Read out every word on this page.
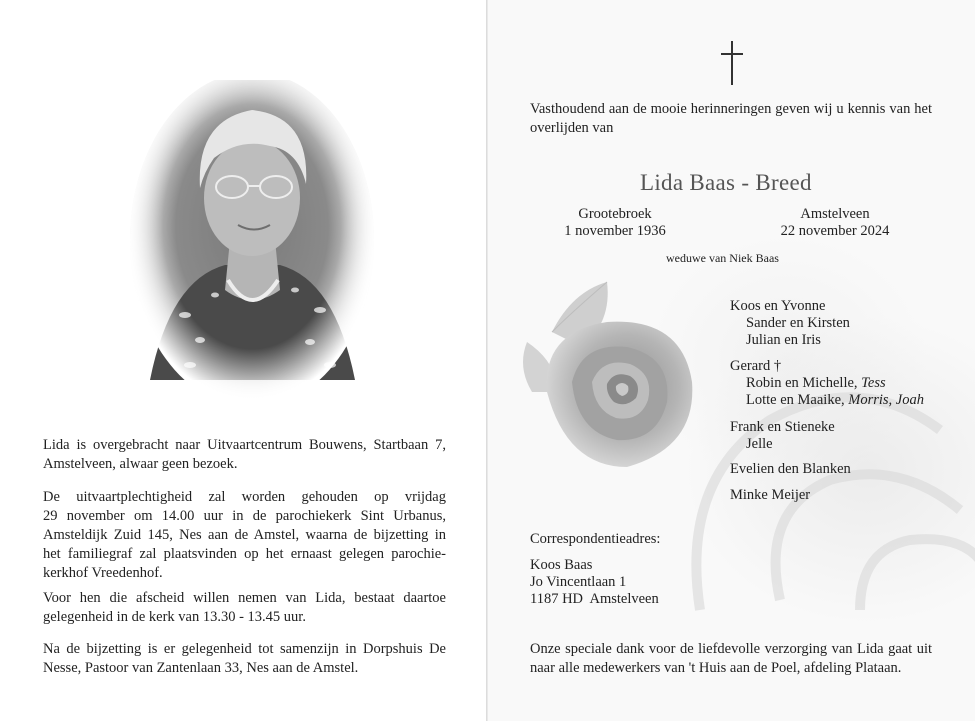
Lida is overgebracht naar Uitvaartcentrum Bouwens, Startbaan 7, Amstelveen, alwaar geen bezoek.

De uitvaartplechtigheid zal worden gehouden op vrijdag

29 november om 14.00 uur in de parochiekerk Sint Urbanus,

Amsteldijk Zuid 145, Nes aan de Amstel, waarna de bijzetting in

het familiegraf zal plaatsvinden op het ernaast gelegen parochie-

kerkhof Vreedenhof.

Voor hen die afscheid willen nemen van Lida, bestaat daartoe gelegenheid in de kerk van 13.30 - 13.45 uur.

Na de bijzetting is er gelegenheid tot samenzijn in Dorpshuis De Nesse, Pastoor van Zantenlaan 33, Nes aan de Amstel.

Vasthoudend aan de mooie herinneringen geven wij u kennis van het overlijden van

Lida Baas - Breed

Grootebroek

1 november 1936

Amstelveen

22 november 2024

weduwe van Niek Baas

Koos en Yvonne

Sander en Kirsten

Julian en Iris

Gerard †

Robin en Michelle, Tess

Lotte en Maaike, Morris, Joah

Frank en Stieneke

Jelle

Evelien den Blanken

Minke Meijer

Correspondentieadres:

Koos Baas

Jo Vincentlaan 1

1187 HD  Amstelveen

Onze speciale dank voor de liefdevolle verzorging van Lida gaat uit naar alle medewerkers van 't Huis aan de Poel, afdeling Plataan.
